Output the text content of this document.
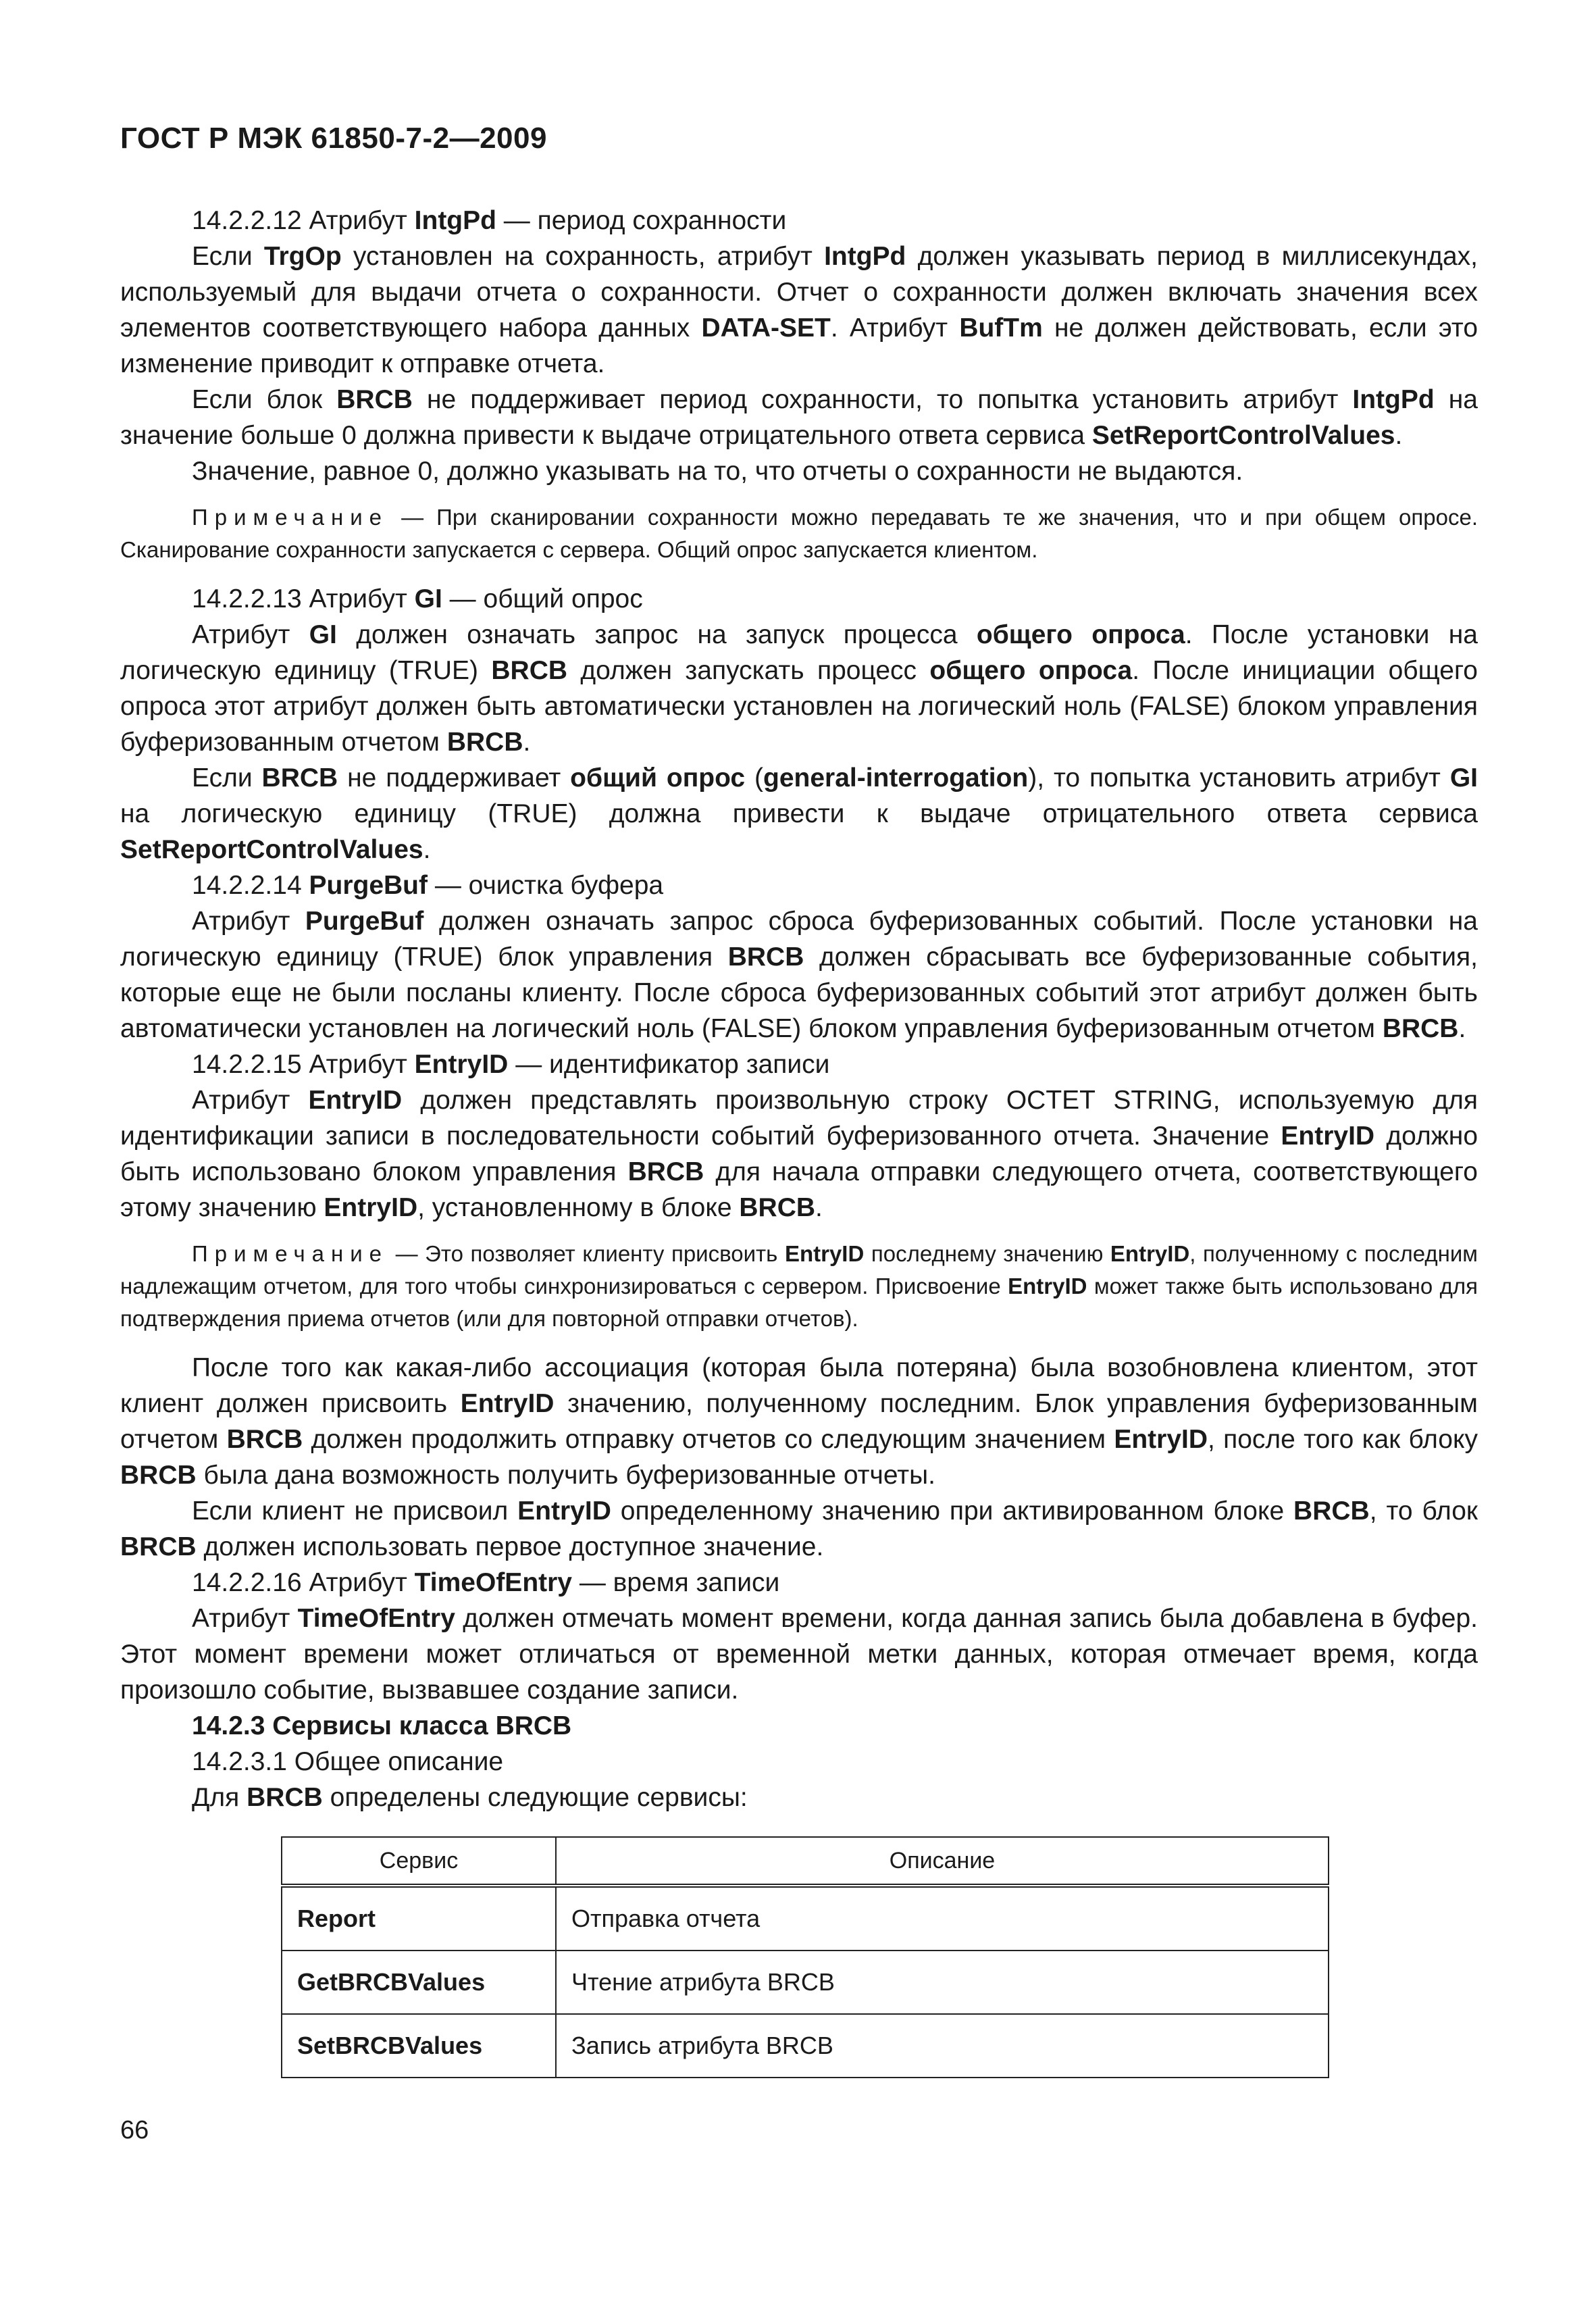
ГОСТ Р МЭК 61850-7-2—2009

14.2.2.12 Атрибут IntgPd — период сохранности

Если TrgOp установлен на сохранность, атрибут IntgPd должен указывать период в миллисекундах, используемый для выдачи отчета о сохранности. Отчет о сохранности должен включать значения всех элементов соответствующего набора данных DATA-SET. Атрибут BufTm не должен действовать, если это изменение приводит к отправке отчета.

Если блок BRCB не поддерживает период сохранности, то попытка установить атрибут IntgPd на значение больше 0 должна привести к выдаче отрицательного ответа сервиса SetReportControlValues.

Значение, равное 0, должно указывать на то, что отчеты о сохранности не выдаются.

Примечание — При сканировании сохранности можно передавать те же значения, что и при общем опросе. Сканирование сохранности запускается с сервера. Общий опрос запускается клиентом.

14.2.2.13 Атрибут GI — общий опрос

Атрибут GI должен означать запрос на запуск процесса общего опроса. После установки на логическую единицу (TRUE) BRCB должен запускать процесс общего опроса. После инициации общего опроса этот атрибут должен быть автоматически установлен на логический ноль (FALSE) блоком управления буферизованным отчетом BRCB.

Если BRCB не поддерживает общий опрос (general-interrogation), то попытка установить атрибут GI на логическую единицу (TRUE) должна привести к выдаче отрицательного ответа сервиса SetReportControlValues.

14.2.2.14 PurgeBuf — очистка буфера

Атрибут PurgeBuf должен означать запрос сброса буферизованных событий. После установки на логическую единицу (TRUE) блок управления BRCB должен сбрасывать все буферизованные события, которые еще не были посланы клиенту. После сброса буферизованных событий этот атрибут должен быть автоматически установлен на логический ноль (FALSE) блоком управления буферизованным отчетом BRCB.

14.2.2.15 Атрибут EntryID — идентификатор записи

Атрибут EntryID должен представлять произвольную строку OCTET STRING, используемую для идентификации записи в последовательности событий буферизованного отчета. Значение EntryID должно быть использовано блоком управления BRCB для начала отправки следующего отчета, соответствующего этому значению EntryID, установленному в блоке BRCB.

Примечание — Это позволяет клиенту присвоить EntryID последнему значению EntryID, полученному с последним надлежащим отчетом, для того чтобы синхронизироваться с сервером. Присвоение EntryID может также быть использовано для подтверждения приема отчетов (или для повторной отправки отчетов).

После того как какая-либо ассоциация (которая была потеряна) была возобновлена клиентом, этот клиент должен присвоить EntryID значению, полученному последним. Блок управления буферизованным отчетом BRCB должен продолжить отправку отчетов со следующим значением EntryID, после того как блоку BRCB была дана возможность получить буферизованные отчеты.

Если клиент не присвоил EntryID определенному значению при активированном блоке BRCB, то блок BRCB должен использовать первое доступное значение.

14.2.2.16 Атрибут TimeOfEntry — время записи

Атрибут TimeOfEntry должен отмечать момент времени, когда данная запись была добавлена в буфер. Этот момент времени может отличаться от временной метки данных, которая отмечает время, когда произошло событие, вызвавшее создание записи.

14.2.3 Сервисы класса BRCB

14.2.3.1 Общее описание

Для BRCB определены следующие сервисы:

Сервис	Описание
Report	Отправка отчета
GetBRCBValues	Чтение атрибута BRCB
SetBRCBValues	Запись атрибута BRCB
66
